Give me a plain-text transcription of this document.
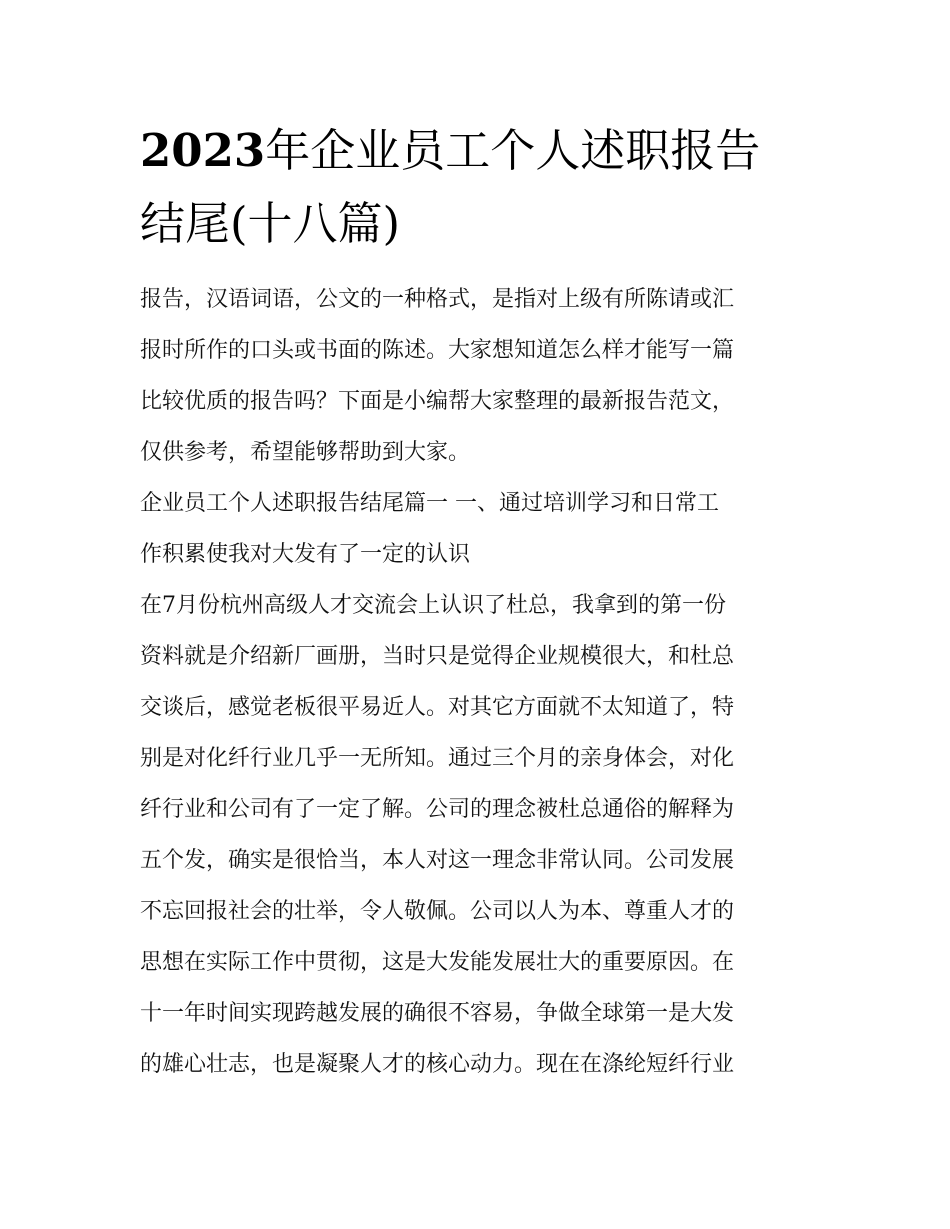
2023年企业员工个人述职报告
结尾(十八篇)

报告，汉语词语，公文的一种格式，是指对上级有所陈请或汇
报时所作的口头或书面的陈述。大家想知道怎么样才能写一篇
比较优质的报告吗？下面是小编帮大家整理的最新报告范文，
仅供参考，希望能够帮助到大家。

企业员工个人述职报告结尾篇一 一、通过培训学习和日常工
作积累使我对大发有了一定的认识

在7月份杭州高级人才交流会上认识了杜总，我拿到的第一份
资料就是介绍新厂画册，当时只是觉得企业规模很大，和杜总
交谈后，感觉老板很平易近人。对其它方面就不太知道了，特
别是对化纤行业几乎一无所知。通过三个月的亲身体会，对化
纤行业和公司有了一定了解。公司的理念被杜总通俗的解释为
五个发，确实是很恰当，本人对这一理念非常认同。公司发展
不忘回报社会的壮举，令人敬佩。公司以人为本、尊重人才的
思想在实际工作中贯彻，这是大发能发展壮大的重要原因。在
十一年时间实现跨越发展的确很不容易，争做全球第一是大发
的雄心壮志，也是凝聚人才的核心动力。现在在涤纶短纤行业
